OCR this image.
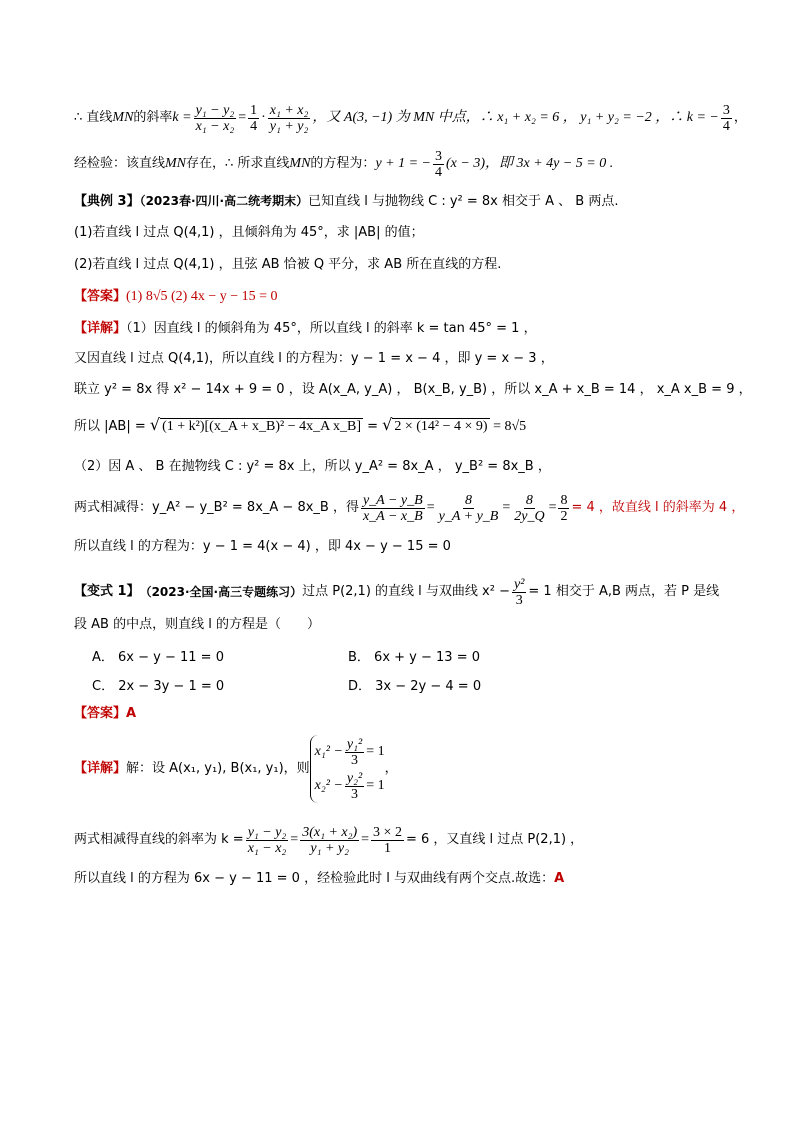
∴ 直线 MN 的斜率 $k = \frac{\text{y₁ − y₂}}{\text{x₁ − x₂}} = \frac{1}{4} \cdot \frac{\text{x₁ + x₂}}{\text{y₁ + y₂}}$ ，又 A(3, −1) 为 MN 中点，∴ x₁ + x₂ = 6 ， y₁ + y₂ = −2 ，∴ k = − $\frac{3}{4}$ ，
经检验：该直线 MN 存在，∴ 所求直线 MN 的方程为： y + 1 = − $\frac{3}{4} (x - 3)$，即 3x + 4y − 5 = 0 .
【典例 3】（2023春·四川·高二统考期末）已知直线 l 与抛物线 C : y² = 8x 相交于 A 、 B 两点.
(1)若直线 l 过点 Q(4,1) ，且倾斜角为 45°，求 |AB| 的值；
(2)若直线 l 过点 Q(4,1) ，且弦 AB 恰被 Q 平分，求 AB 所在直线的方程.
【答案】(1) 8√5 (2) 4x − y − 15 = 0
【详解】（1）因直线 l 的倾斜角为 45°，所以直线 l 的斜率 k = tan 45° = 1 ，
又因直线 l 过点 Q(4,1)，所以直线 l 的方程为：y − 1 = x − 4 ，即 y = x − 3 ，
联立 y² = 8x 得 x² − 14x + 9 = 0 ，设 A(x_A, y_A) ， B(x_B, y_B) ，所以 x_A + x_B = 14 ， x_A x_B = 9 ，
所以 |AB| = √ (1 + k²)[(x_A + x_B)² − 4x_A x_B] = √ 2 × (14² − 4 × 9) = 8√5
（2）因 A 、 B 在抛物线 C : y² = 8x 上，所以 y_A² = 8x_A ， y_B² = 8x_B ，
两式相减得：y_A² − y_B² = 8x_A − 8x_B ，得 $\frac{y\_A - y\_B}{x\_A - x\_B} = \frac{8}{y\_A + y\_B} = \frac{8}{2y\_Q} = \frac{8}{2} = 4$ ，故直线 l 的斜率为 4 ，
所以直线 l 的方程为：y − 1 = 4(x − 4) ，即 4x − y − 15 = 0
【变式 1】 （2023·全国·高三专题练习） 过点 P(2,1) 的直线 l 与双曲线 $x^2 - \frac{\text{y²}}{3} = 1$ 相交于 A,B 两点，若 P 是线
段 AB 的中点，则直线 l 的方程是（　　）
A． 6x − y − 11 = 0	B． 6x + y − 13 = 0
C． 2x − 3y − 1 = 0	D． 3x − 2y − 4 = 0
【答案】A
【详解】 解：设 A(x₁, y₁), B(x₁, y₁)，则
$x_1^2 - \frac{\text{y₁²}}{3} = 1$
$x_2^2 - \frac{\text{y₂²}}{3} = 1$
，
两式相减得直线的斜率为 $k = \frac{\text{y₁ − y₂}}{\text{x₁ − x₂}} = \frac{\text{3(x₁ + x₂)}}{\text{y₁ + y₂}} = \frac{3 \times 2}{1} = 6$ ，又直线 l 过点 P(2,1) ，
所以直线 l 的方程为 6x − y − 11 = 0 ，经检验此时 l 与双曲线有两个交点.故选：A
